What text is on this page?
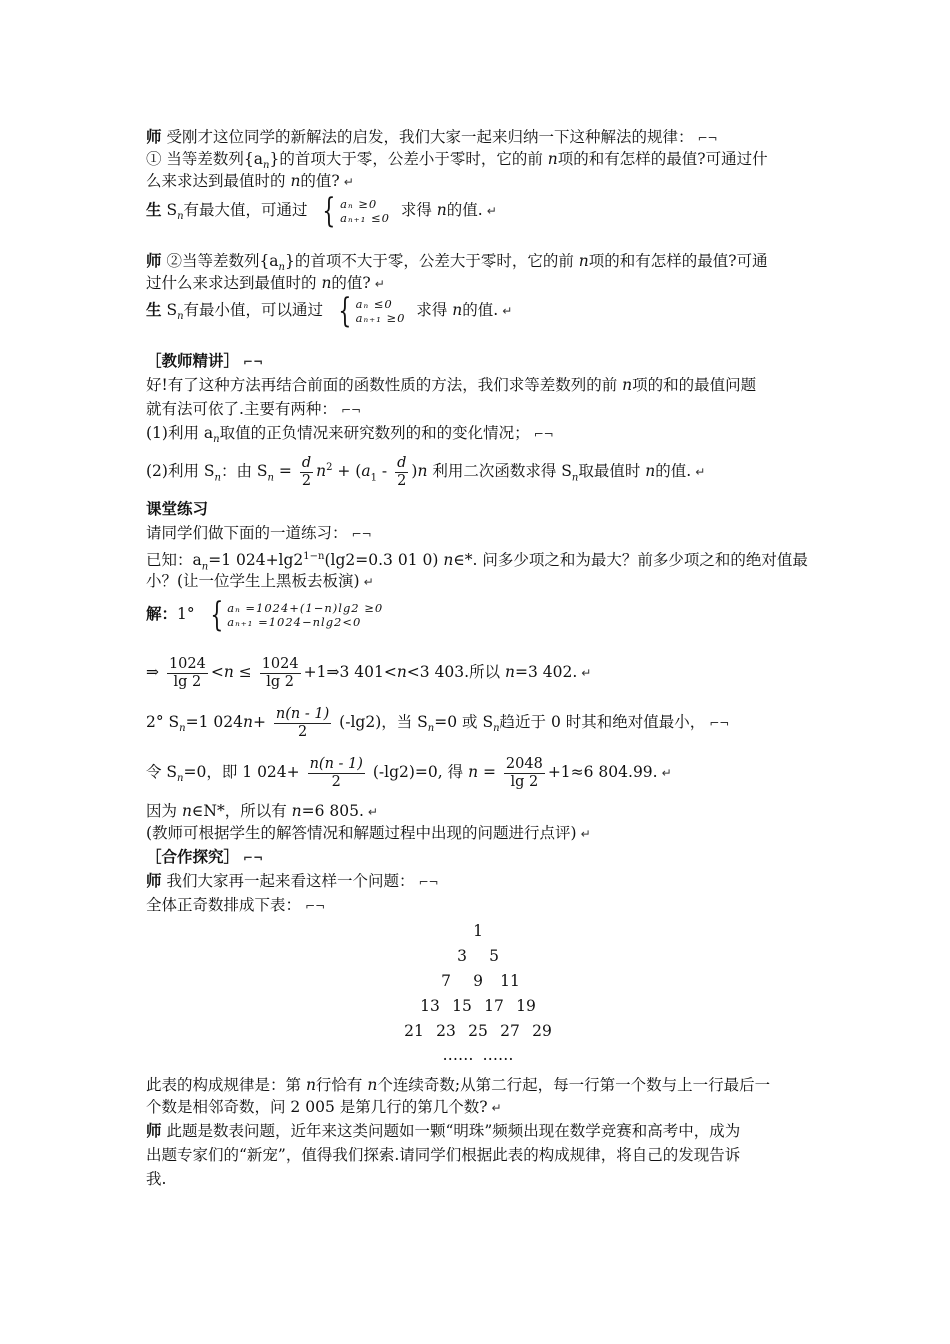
师 受刚才这位同学的新解法的启发，我们大家一起来归纳一下这种解法的规律： ⌐¬
① 当等差数列$\{a_n\}$的首项大于零，公差小于零时，它的前 n项的和有怎样的最值?可通过什
么来求达到最值时的 n的值? ↵
生 $S_n$有最大值，可通过 { aₙ ≥0
aₙ₊₁ ≤0 求得 n的值. ↵
师 ②当等差数列$\{a_n\}$的首项不大于零，公差大于零时，它的前 n项的和有怎样的最值?可通
过什么来求达到最值时的 n的值? ↵
生 $S_n$有最小值，可以通过 { aₙ ≤0
aₙ₊₁ ≥0 求得 n的值. ↵
［教师精讲］ ⌐¬
好!有了这种方法再结合前面的函数性质的方法，我们求等差数列的前 n项的和的最值问题
就有法可依了.主要有两种： ⌐¬
(1)利用 $a_n$取值的正负情况来研究数列的和的变化情况； ⌐¬
(2)利用 $S_n$：由 $S_n = \frac{d}{2} n^2 + (a_1 - \frac{d}{2} )n$ 利用二次函数求得 $S_n$取最值时 n的值. ↵
课堂练习
请同学们做下面的一道练习： ⌐¬
已知：$a_n=1$ $024+\lg 2^{1-n}(\lg 2=0.3$ 01 0) n∈*. 问多少项之和为最大？前多少项之和的绝对值最
小？(让一位学生上黑板去板演) ↵
解：1° { aₙ =1024+(1−n)lg2 ≥0
aₙ₊₁ =1024−nlg2<0
⇒ $\frac{1024}{\lg 2} <n \le \frac{1024}{\lg 2}$ +1⇒3 401<n<3 403.所以 n=3 402. ↵
2° $S_n=1$ $024n+ \frac{n(n - 1)}{2} (-\lg 2)$，当 $S_n=0$ 或 $S_n$趋近于 0 时其和绝对值最小， ⌐¬
令 $S_n=0$，即 1 $024+ \frac{n(n - 1)}{2} (-\lg 2)=0$, 得 $n = \frac{2048}{\lg 2} +1\approx 6$ 804.99. ↵
因为 n∈N*，所以有 n=6 805. ↵
(教师可根据学生的解答情况和解题过程中出现的问题进行点评) ↵
［合作探究］ ⌐¬
师 我们大家再一起来看这样一个问题： ⌐¬
全体正奇数排成下表： ⌐¬
1
3 5
7 9 11
13 15 17 19
21 23 25 27 29
…… ……
此表的构成规律是：第 n行恰有 n个连续奇数;从第二行起，每一行第一个数与上一行最后一
个数是相邻奇数，问 2 005 是第几行的第几个数? ↵
师 此题是数表问题，近年来这类问题如一颗“明珠”频频出现在数学竞赛和高考中，成为
出题专家们的“新宠”，值得我们探索.请同学们根据此表的构成规律，将自己的发现告诉
我.
